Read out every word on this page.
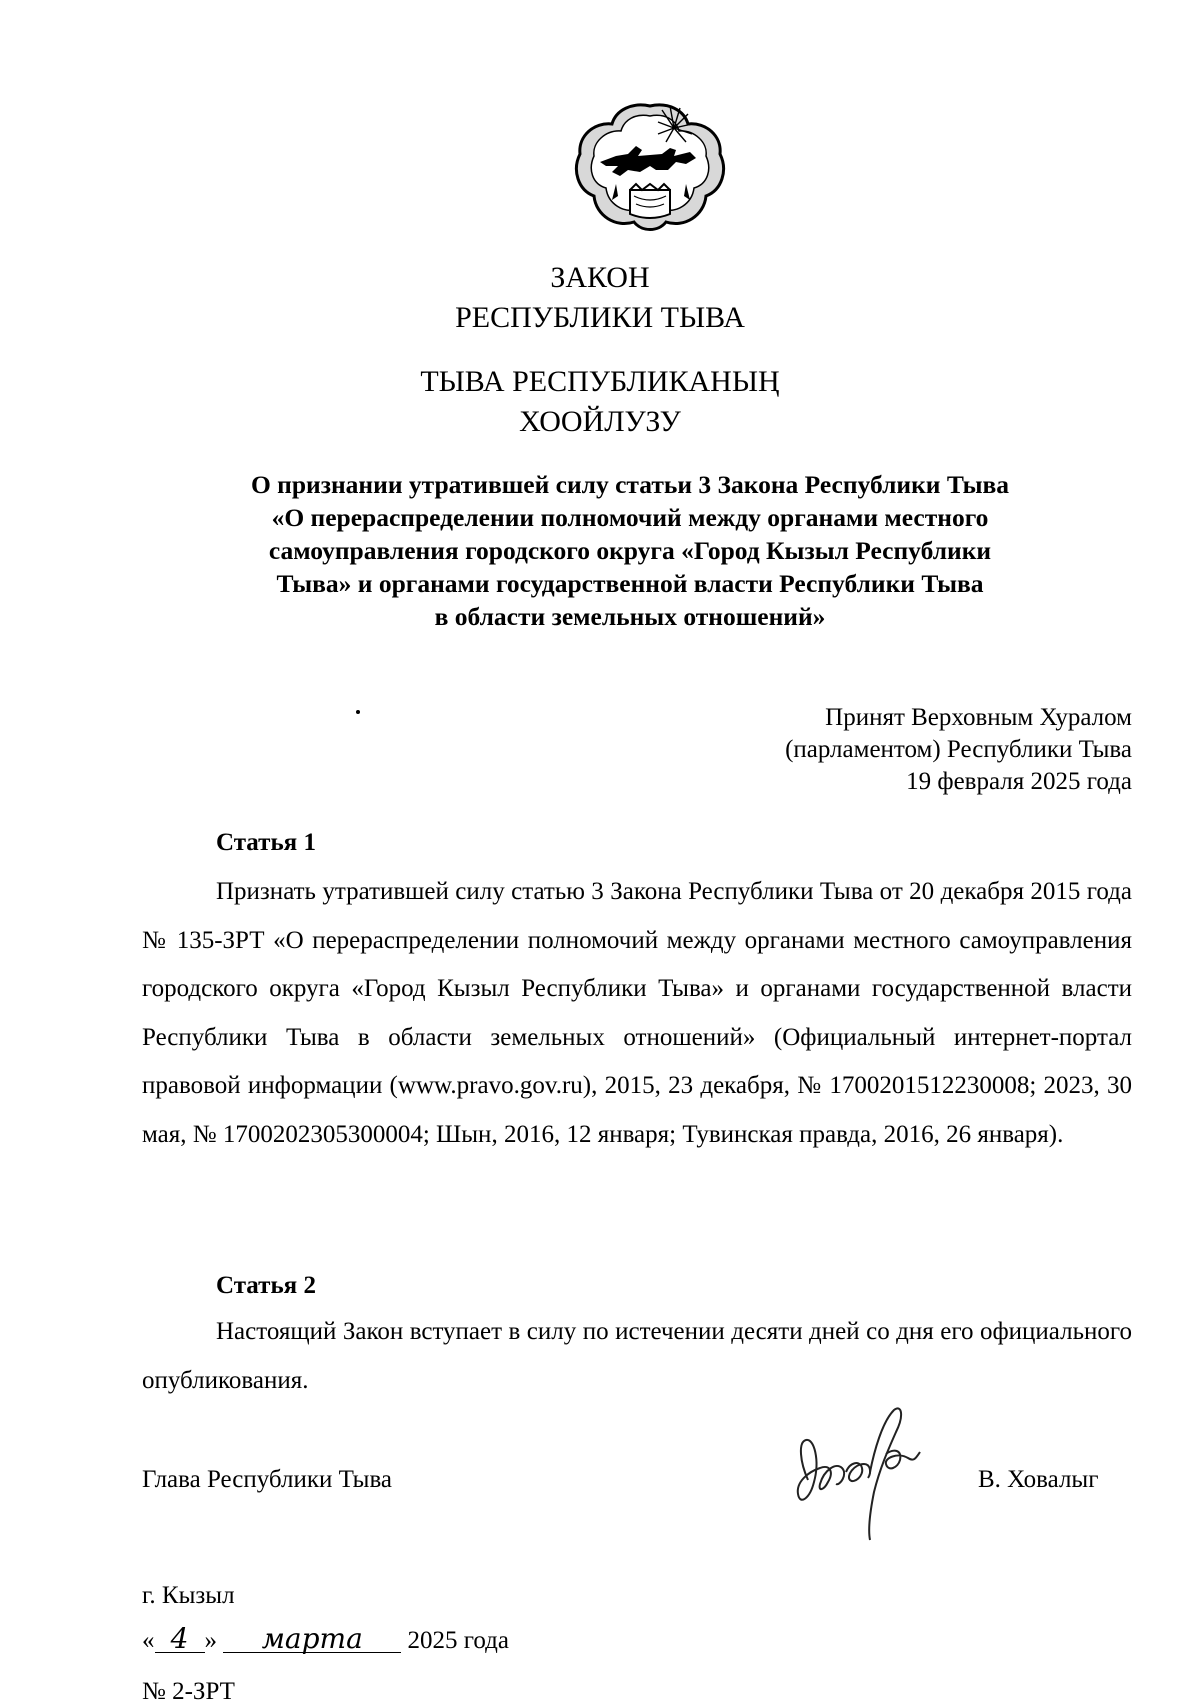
ЗАКОН
РЕСПУБЛИКИ ТЫВА
ТЫВА РЕСПУБЛИКАНЫҢ
ХООЙЛУЗУ
О признании утратившей силу статьи 3 Закона Республики Тыва
«О перераспределении полномочий между органами местного
самоуправления городского округа «Город Кызыл Республики
Тыва» и органами государственной власти Республики Тыва
в области земельных отношений»
Принят Верховным Хуралом
(парламентом) Республики Тыва
19 февраля 2025 года
Статья 1
Признать утратившей силу статью 3 Закона Республики Тыва от 20 декабря 2015 года № 135-ЗРТ «О перераспределении полномочий между органами местного самоуправления городского округа «Город Кызыл Республики Тыва» и органами государственной власти Республики Тыва в области земельных отношений» (Официальный интернет-портал правовой информации (www.pravo.gov.ru), 2015, 23 декабря, № 1700201512230008; 2023, 30 мая, № 1700202305300004; Шын, 2016, 12 января; Тувинская правда, 2016, 26 января).
Статья 2
Настоящий Закон вступает в силу по истечении десяти дней со дня его официального опубликования.
Глава Республики Тыва	В. Ховалыг
г. Кызыл
« 4 » марта 2025 года
№ 2-ЗРТ
